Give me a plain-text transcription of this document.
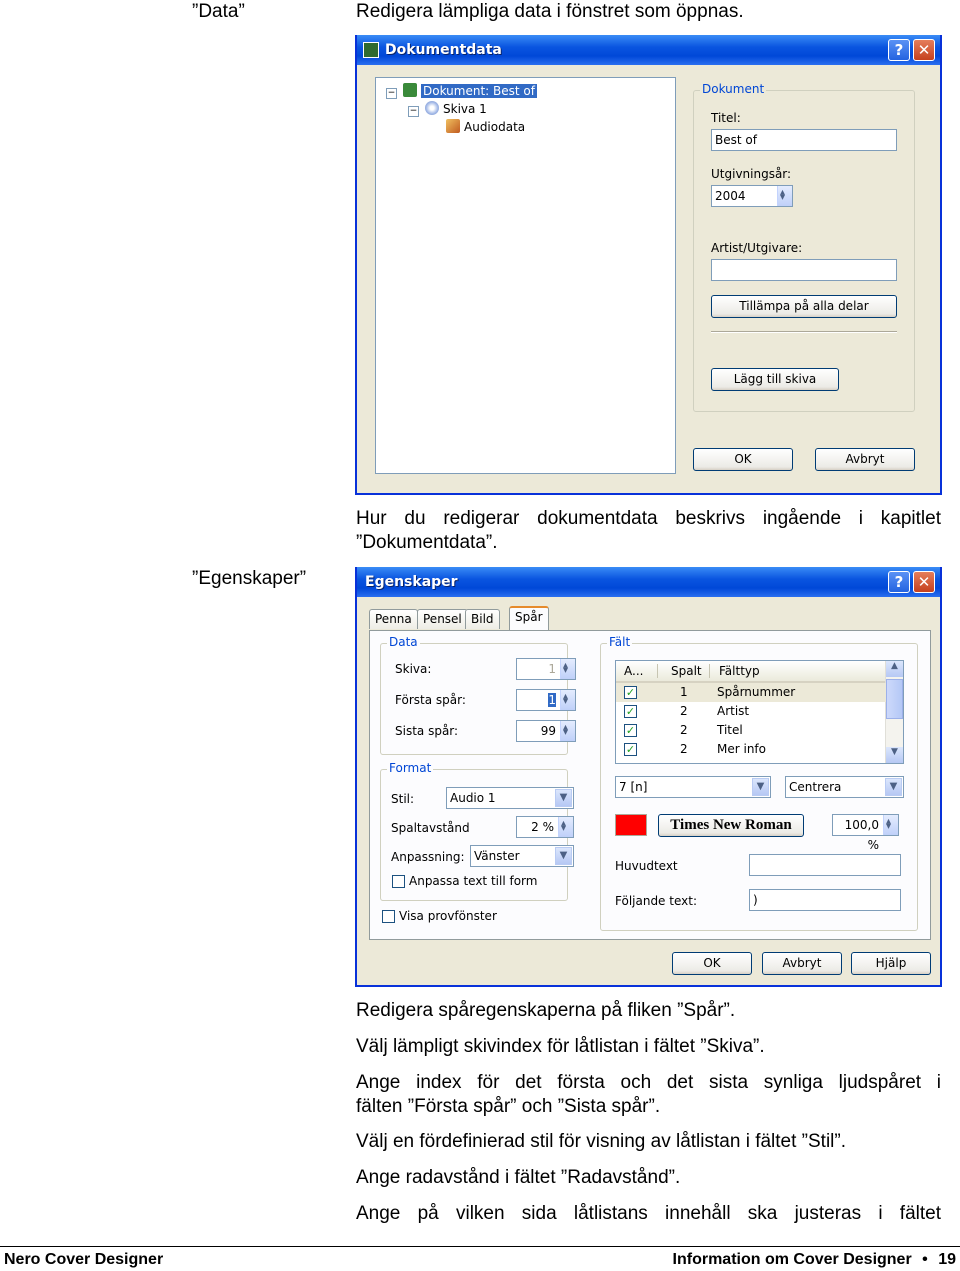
”Data”
”Egenskaper”
Redigera lämpliga data i fönstret som öppnas.
Dokumentdata	? ✕
− Dokument: Best of
− Skiva 1
Audiodata
Dokument
Titel:
Best of
Utgivningsår:
2004
▴ ▾
Artist/Utgivare:
Tillämpa på alla delar
Lägg till skiva
OK	Avbryt
Hur du redigerar dokumentdata beskrivs ingående i kapitlet
”Dokumentdata”.
Egenskaper	? ✕
Penna Pensel Bild	Spår
Data
Skiva:	1
▴ ▾
Första spår:	1
▴ ▾
Sista spår:	99
▴ ▾
Format
Stil:	Audio 1	▼
Spaltavstånd	2 %
▴ ▾
Anpassning: Vänster	▼
Anpassa text till form
Visa provfönster
Fält
A... Spalt Fälttyp	▲
▼
✓	1 Spårnummer
✓	2 Artist
✓	2 Titel
✓	2 Mer info
7 [n]	▼	Centrera	▼
Times New Roman	100,0 %
▴ ▾
Huvudtext
Följande text:	)
OK	Avbryt	Hjälp
Redigera spåregenskaperna på fliken ”Spår”.
Välj lämpligt skivindex för låtlistan i fältet ”Skiva”.
Ange index för det första och det sista synliga ljudspåret i
fälten ”Första spår” och ”Sista spår”.
Välj en fördefinierad stil för visning av låtlistan i fältet ”Stil”.
Ange radavstånd i fältet ”Radavstånd”.
Ange på vilken sida låtlistans innehåll ska justeras i fältet
Nero Cover Designer	Information om Cover Designer • 19
